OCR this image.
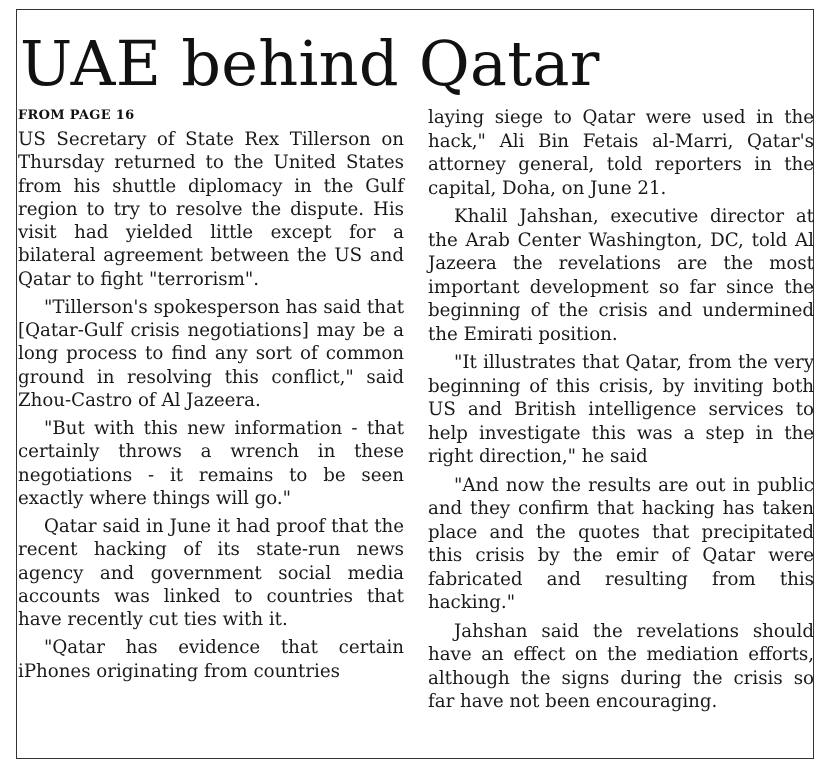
UAE behind Qatar

FROM PAGE 16

US Secretary of State Rex Tillerson on Thursday returned to the United States from his shuttle diplomacy in the Gulf region to try to resolve the dispute. His visit had yielded little except for a bilateral agreement between the US and Qatar to fight "terrorism".

"Tillerson's spokesperson has said that [Qatar-Gulf crisis negotiations] may be a long process to find any sort of common ground in resolving this conflict," said Zhou-Castro of Al Jazeera.

"But with this new information - that certainly throws a wrench in these negotiations - it remains to be seen exactly where things will go."

Qatar said in June it had proof that the recent hacking of its state-run news agency and government social media accounts was linked to countries that have recently cut ties with it.

"Qatar has evidence that certain iPhones originating from countries

laying siege to Qatar were used in the hack," Ali Bin Fetais al-Marri, Qatar's attorney general, told reporters in the capital, Doha, on June 21.

Khalil Jahshan, executive director at the Arab Center Washington, DC, told Al Jazeera the revelations are the most important development so far since the beginning of the crisis and undermined the Emirati position.

"It illustrates that Qatar, from the very beginning of this crisis, by inviting both US and British intelligence services to help investigate this was a step in the right direction," he said

"And now the results are out in public and they confirm that hacking has taken place and the quotes that precipitated this crisis by the emir of Qatar were fabricated and resulting from this hacking."

Jahshan said the revelations should have an effect on the mediation efforts, although the signs during the crisis so far have not been encouraging.
